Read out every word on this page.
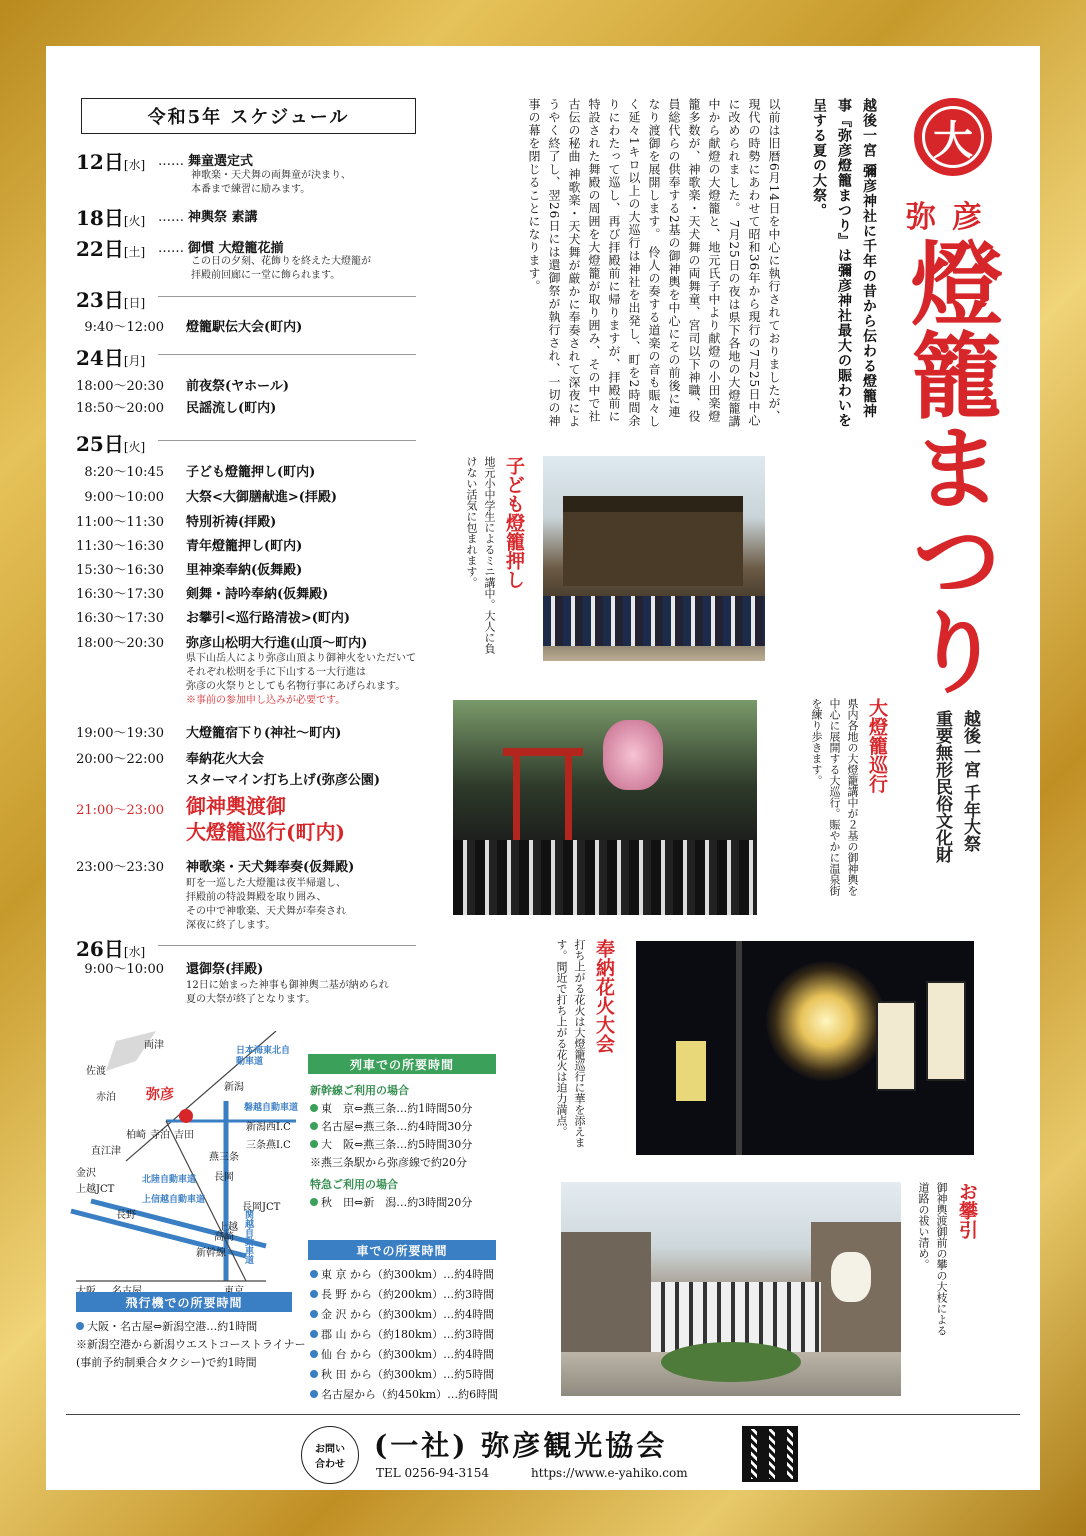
令和5年 スケジュール
12日[水] …… 舞童選定式
神歌楽・天犬舞の両舞童が決まり、
本番まで練習に励みます。
18日[火] …… 神輿祭 素講
22日[土] …… 御慣 大燈籠花揃
この日の夕刻、花飾りを終えた大燈籠が
拝殿前回廊に一堂に飾られます。
23日[日]
9:40～12:00 燈籠駅伝大会(町内)
24日[月]
18:00～20:30 前夜祭(ヤホール)
18:50～20:00 民謡流し(町内)
25日[火]
8:20～10:45 子ども燈籠押し(町内)
9:00～10:00 大祭<大御膳献進>(拝殿)
11:00～11:30 特別祈祷(拝殿)
11:30～16:30 青年燈籠押し(町内)
15:30～16:30 里神楽奉納(仮舞殿)
16:30～17:30 剣舞・詩吟奉納(仮舞殿)
16:30～17:30 お攀引<巡行路清祓>(町内)
18:00～20:30 弥彦山松明大行進(山頂～町内)
県下山岳人により弥彦山頂より御神火をいただいて
それぞれ松明を手に下山する一大行進は
弥彦の火祭りとしても名物行事にあげられます。
※事前の参加申し込みが必要です。
19:00～19:30 大燈籠宿下り(神社～町内)
20:00～22:00 奉納花火大会
スターマイン打ち上げ(弥彦公園)
21:00～23:00	御神輿渡御
大燈籠巡行(町内)
23:00～23:30 神歌楽・天犬舞奉奏(仮舞殿)
町を一巡した大燈籠は夜半帰還し、
拝殿前の特設舞殿を取り囲み、
その中で神歌楽、天犬舞が奉奏され
深夜に終了します。
26日[水]
9:00～10:00 還御祭(拝殿)
12日に始まった神事も御神輿二基が納められ
夏の大祭が終了となります。
大
弥彦
燈籠まつり
越後一宮 千年大祭
重要無形民俗文化財
越後一宮 彌彦神社に千年の昔から伝わる燈籠神事『弥彦燈籠まつり』は彌彦神社最大の賑わいを呈する夏の大祭。
以前は旧暦6月14日を中心に執行されておりましたが、現代の時勢にあわせて昭和36年から現行の7月25日中心に改められました。 7月25日の夜は県下各地の大燈籠講中から献燈の大燈籠と、地元氏子中より献燈の小田楽燈籠多数が、神歌楽・天犬舞の両舞童、宮司以下神職、役員総代らの供奉する2基の御神輿を中心にその前後に連なり渡御を展開します。 伶人の奏する道楽の音も賑々しく延々1キロ以上の大巡行は神社を出発し、町を2時間余りにわたって巡し、再び拝殿前に帰りますが、拝殿前に特設された舞殿の周囲を大燈籠が取り囲み、その中で社古伝の秘曲 神歌楽・天犬舞が厳かに奉奏されて深夜にようやく終了し、翌26日には還御祭が執行され、一切の神事の幕を閉じることになります。
子ども燈籠押し
地元小中学生によるミニ講中。大人に負けない活気に包まれます。
大燈籠巡行
県内各地の大燈籠講中が２基の御神輿を中心に展開する大巡行。賑やかに温泉街を練り歩きます。
奉納花火大会
打ち上がる花火は大燈籠巡行に華を添えます。間近で打ち上がる花火は迫力満点。
お攀引
御神輿渡御前の攀の大枝による道路の祓い清め。
弥彦
佐渡
両津
赤泊
新潟
新潟西I.C
三条燕I.C
燕三条
柏崎 寺泊 吉田
直江津
長岡
金沢
上越JCT
長岡JCT
長野
高崎
新幹線
北陸自動車道
上信越自動車道
関越自動車道
磐越自動車道
日本海東北自動車道
上越
飛行機での所要時間
大阪・名古屋⇔新潟空港…約1時間
※新潟空港から新潟ウエストコーストライナー
(事前予約制乗合タクシー)で約1時間
列車での所要時間
新幹線ご利用の場合
東　京⇔燕三条…約1時間50分
名古屋⇔燕三条…約4時間30分
大　阪⇔燕三条…約5時間30分
※燕三条駅から弥彦線で約20分
特急ご利用の場合
秋　田⇔新　潟…約3時間20分
車での所要時間
東 京 から（約300km）…約4時間
長 野 から（約200km）…約3時間
金 沢 から（約300km）…約4時間
郡 山 から（約180km）…約3時間
仙 台 から（約300km）…約4時間
秋 田 から（約300km）…約5時間
名古屋から（約450km）…約6時間
お問い
合わせ
(一社) 弥彦観光協会
TEL 0256-94-3154	https://www.e-yahiko.com
